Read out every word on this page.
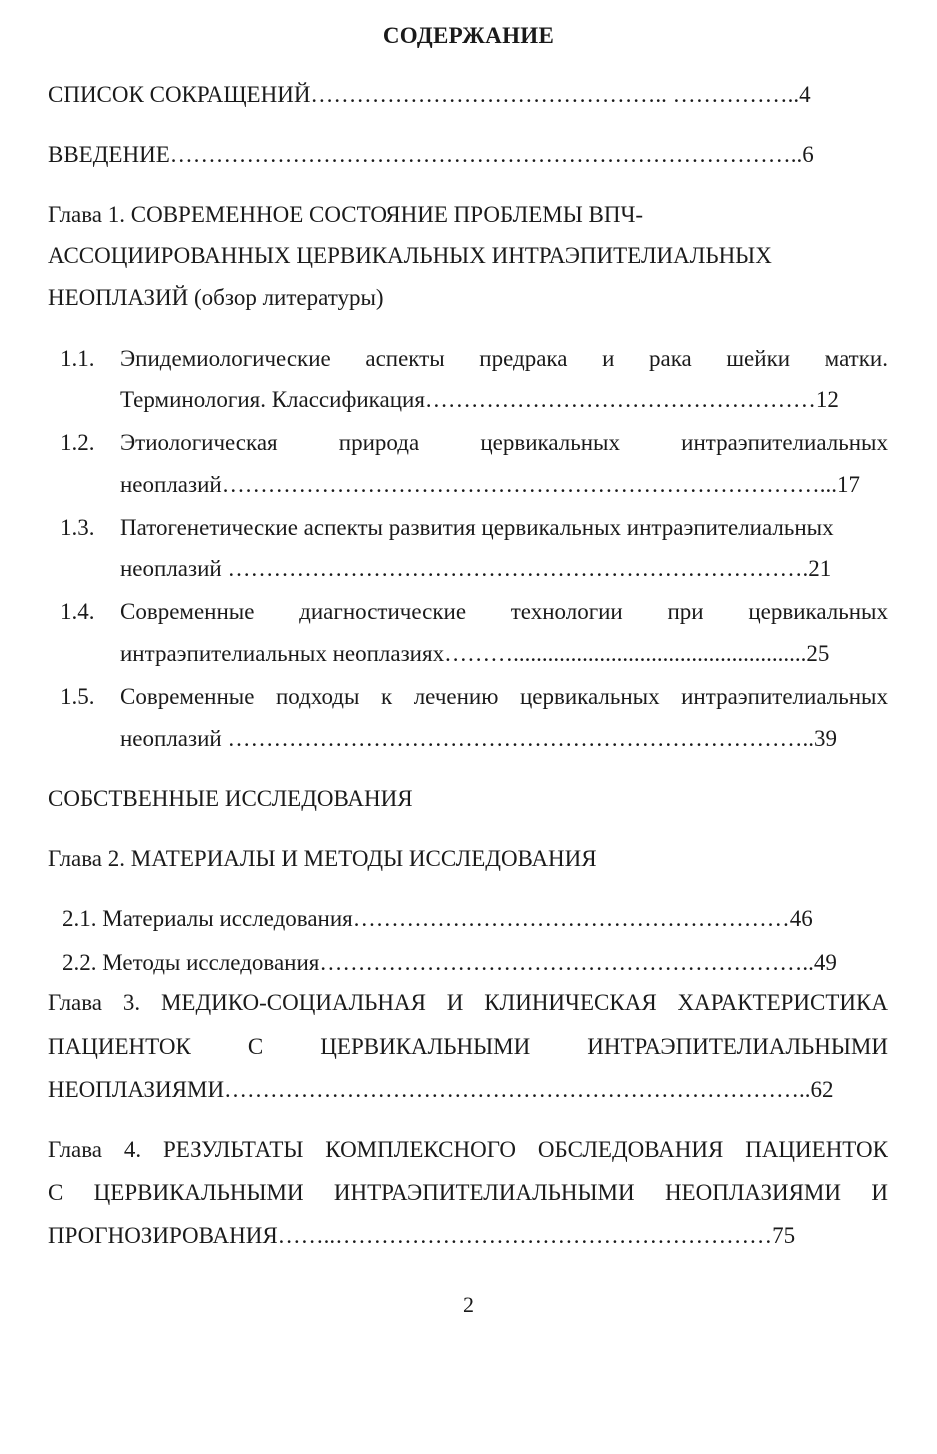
СОДЕРЖАНИЕ
СПИСОК СОКРАЩЕНИЙ……………………………………….. ……………..4
ВВЕДЕНИЕ………………………………………………………………………..6
Глава 1. СОВРЕМЕННОЕ СОСТОЯНИЕ ПРОБЛЕМЫ ВПЧ-
АССОЦИИРОВАННЫХ ЦЕРВИКАЛЬНЫХ ИНТРАЭПИТЕЛИАЛЬНЫХ
НЕОПЛАЗИЙ (обзор литературы)
1.1.	Эпидемиологические аспекты предрака и рака шейки матки.
Терминология. Классификация……………………………………………12
1.2.	Этиологическая	природа	цервикальных	интраэпителиальных
неоплазий……………………………………………………………………...17
1.3.	Патогенетические аспекты развития цервикальных интраэпителиальных
неоплазий ………………………………………………………………….21
1.4.	Современные диагностические технологии при цервикальных
интраэпителиальных неоплазиях………...................................................25
1.5.	Современные подходы к лечению цервикальных интраэпителиальных
неоплазий …………………………………………………………………..39
СОБСТВЕННЫЕ ИССЛЕДОВАНИЯ
Глава 2. МАТЕРИАЛЫ И МЕТОДЫ ИССЛЕДОВАНИЯ
2.1. Материалы исследования…………………………………………………46
2.2. Методы исследования………………………………………………………..49
Глава 3. МЕДИКО-СОЦИАЛЬНАЯ И КЛИНИЧЕСКАЯ ХАРАКТЕРИСТИКА
ПАЦИЕНТОК С ЦЕРВИКАЛЬНЫМИ ИНТРАЭПИТЕЛИАЛЬНЫМИ
НЕОПЛАЗИЯМИ…………………………………………………………………..62
Глава 4. РЕЗУЛЬТАТЫ КОМПЛЕКСНОГО ОБСЛЕДОВАНИЯ ПАЦИЕНТОК
С ЦЕРВИКАЛЬНЫМИ ИНТРАЭПИТЕЛИАЛЬНЫМИ НЕОПЛАЗИЯМИ И
ПРОГНОЗИРОВАНИЯ……..…………………………………………………75
2
